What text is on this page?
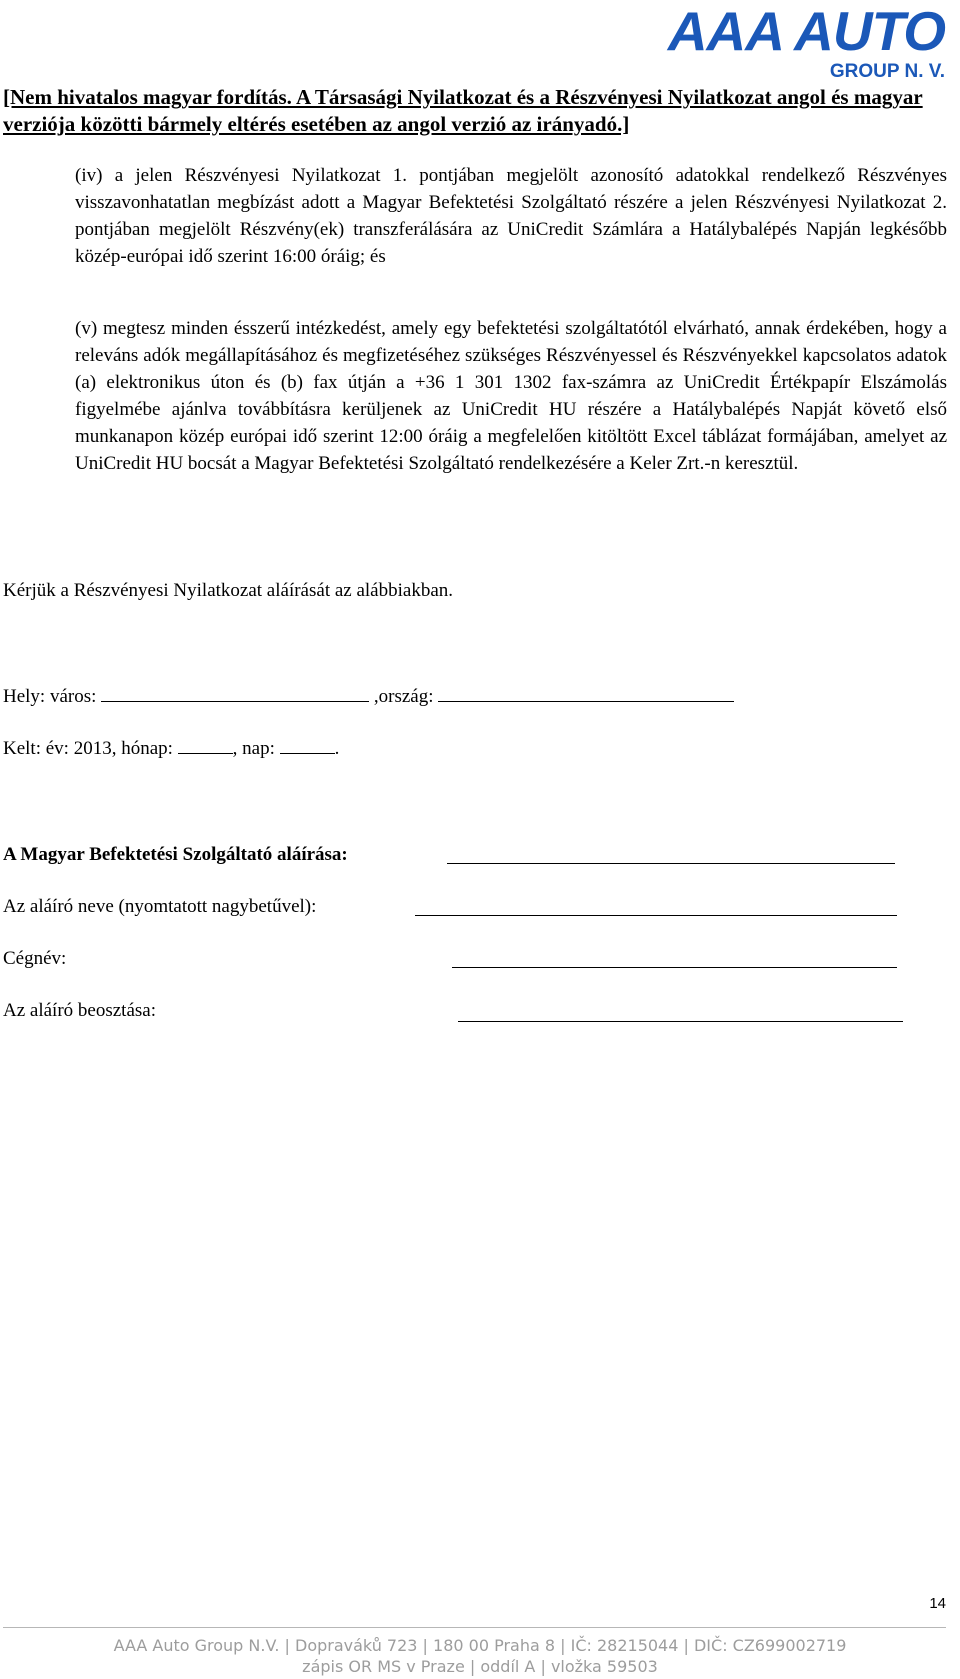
AAA AUTO
GROUP N. V.
[Nem hivatalos magyar fordítás. A Társasági Nyilatkozat és a Részvényesi Nyilatkozat angol és magyar verziója közötti bármely eltérés esetében az angol verzió az irányadó.]
(iv) a jelen Részvényesi Nyilatkozat 1. pontjában megjelölt azonosító adatokkal rendelkező Részvényes visszavonhatatlan megbízást adott a Magyar Befektetési Szolgáltató részére a jelen Részvényesi Nyilatkozat 2. pontjában megjelölt Részvény(ek) transzferálására az UniCredit Számlára a Hatálybalépés Napján legkésőbb közép-európai idő szerint 16:00 óráig; és
(v) megtesz minden ésszerű intézkedést, amely egy befektetési szolgáltatótól elvárható, annak érdekében, hogy a releváns adók megállapításához és megfizetéséhez szükséges Részvényessel és Részvényekkel kapcsolatos adatok (a) elektronikus úton és (b) fax útján a +36 1 301 1302 fax-számra az UniCredit Értékpapír Elszámolás figyelmébe ajánlva továbbításra kerüljenek az UniCredit HU részére a Hatálybalépés Napját követő első munkanapon közép európai idő szerint 12:00 óráig a megfelelően kitöltött Excel táblázat formájában, amelyet az UniCredit HU bocsát a Magyar Befektetési Szolgáltató rendelkezésére a Keler Zrt.-n keresztül.
Kérjük a Részvényesi Nyilatkozat aláírását az alábbiakban.
Hely: város:	,ország:
Kelt: év: 2013, hónap:	, nap:	.
A Magyar Befektetési Szolgáltató aláírása:
Az aláíró neve (nyomtatott nagybetűvel):
Cégnév:
Az aláíró beosztása:
14
AAA Auto Group N.V. | Dopraváků 723 | 180 00 Praha 8 | IČ: 28215044 | DIČ: CZ699002719
zápis OR MS v Praze | oddíl A | vložka 59503
